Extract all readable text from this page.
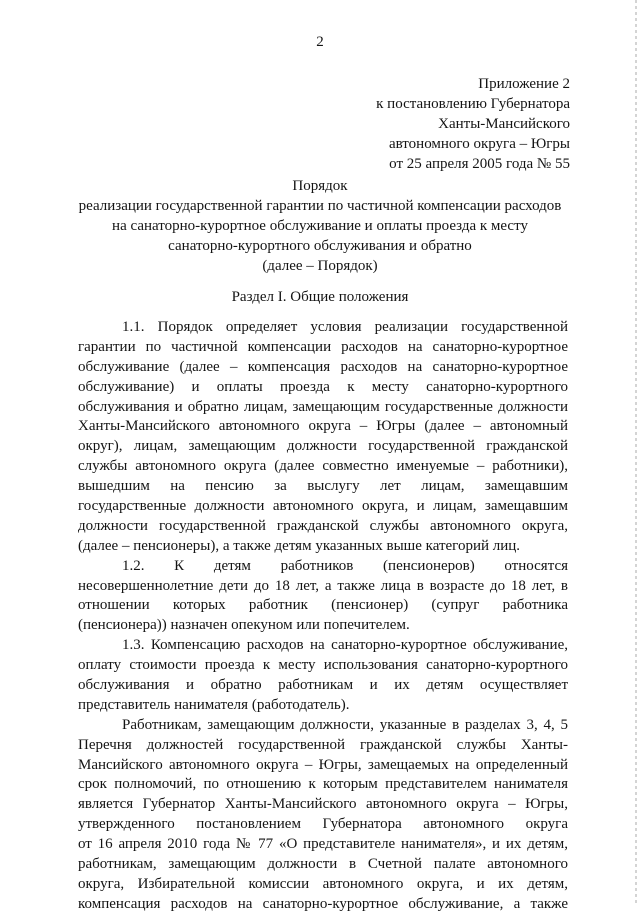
2
Приложение 2
к постановлению Губернатора
Ханты-Мансийского
автономного округа – Югры
от 25 апреля 2005 года № 55
Порядок
реализации государственной гарантии по частичной компенсации расходов
на санаторно-курортное обслуживание и оплаты проезда к месту
санаторно-курортного обслуживания и обратно
(далее – Порядок)
Раздел I. Общие положения
1.1. Порядок определяет условия реализации государственной
гарантии по частичной компенсации расходов на санаторно-курортное
обслуживание (далее – компенсация расходов на санаторно-курортное
обслуживание) и оплаты проезда к месту санаторно-курортного
обслуживания и обратно лицам, замещающим государственные должности
Ханты-Мансийского автономного округа – Югры (далее – автономный
округ), лицам, замещающим должности государственной гражданской
службы автономного округа (далее совместно именуемые – работники),
вышедшим на пенсию за выслугу лет лицам, замещавшим
государственные должности автономного округа, и лицам, замещавшим
должности государственной гражданской службы автономного округа,
(далее – пенсионеры), а также детям указанных выше категорий лиц.
1.2. К детям работников (пенсионеров) относятся
несовершеннолетние дети до 18 лет, а также лица в возрасте до 18 лет, в
отношении которых работник (пенсионер) (супруг работника
(пенсионера)) назначен опекуном или попечителем.
1.3. Компенсацию расходов на санаторно-курортное обслуживание,
оплату стоимости проезда к месту использования санаторно-курортного
обслуживания и обратно работникам и их детям осуществляет
представитель нанимателя (работодатель).
Работникам, замещающим должности, указанные в разделах 3, 4, 5
Перечня должностей государственной гражданской службы Ханты-
Мансийского автономного округа – Югры, замещаемых на определенный
срок полномочий, по отношению к которым представителем нанимателя
является Губернатор Ханты-Мансийского автономного округа – Югры,
утвержденного постановлением Губернатора автономного округа
от 16 апреля 2010 года № 77 «О представителе нанимателя», и их детям,
работникам, замещающим должности в Счетной палате автономного
округа, Избирательной комиссии автономного округа, и их детям,
компенсация расходов на санаторно-курортное обслуживание, а также
